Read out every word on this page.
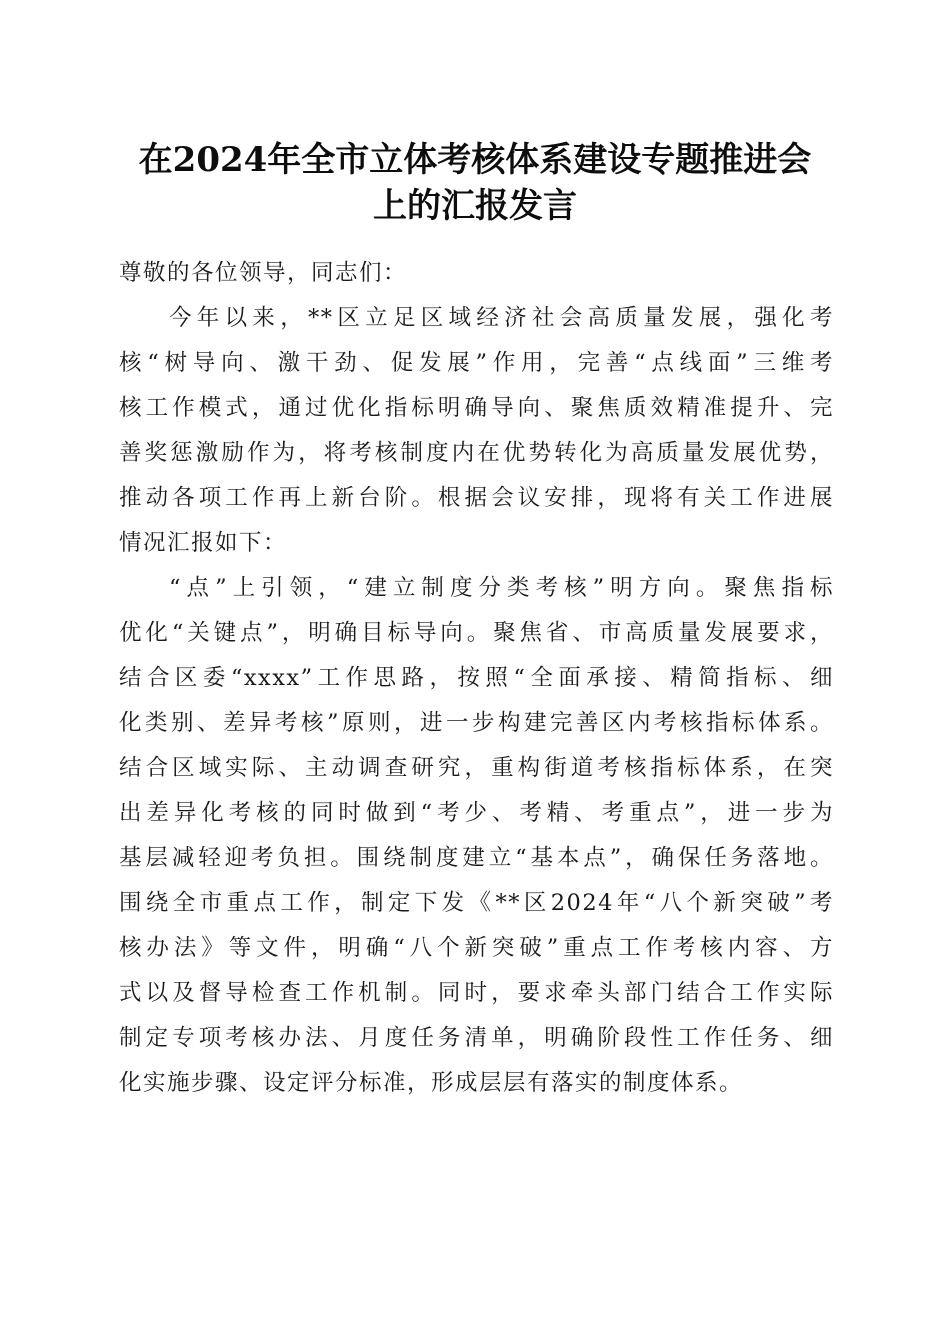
在2024年全市立体考核体系建设专题推进会
上的汇报发言
尊敬的各位领导，同志们：
今年以来，**区立足区域经济社会高质量发展，强化考
核“树导向、激干劲、促发展”作用，完善“点线面”三维考
核工作模式，通过优化指标明确导向、聚焦质效精准提升、完
善奖惩激励作为，将考核制度内在优势转化为高质量发展优势，
推动各项工作再上新台阶。根据会议安排，现将有关工作进展
情况汇报如下：
“点”上引领，“建立制度分类考核”明方向。聚焦指标
优化“关键点”，明确目标导向。聚焦省、市高质量发展要求，
结合区委“xxxx”工作思路，按照“全面承接、精简指标、细
化类别、差异考核”原则，进一步构建完善区内考核指标体系。
结合区域实际、主动调查研究，重构街道考核指标体系，在突
出差异化考核的同时做到“考少、考精、考重点”，进一步为
基层减轻迎考负担。围绕制度建立“基本点”，确保任务落地。
围绕全市重点工作，制定下发《**区2024年“八个新突破”考
核办法》等文件，明确“八个新突破”重点工作考核内容、方
式以及督导检查工作机制。同时，要求牵头部门结合工作实际
制定专项考核办法、月度任务清单，明确阶段性工作任务、细
化实施步骤、设定评分标准，形成层层有落实的制度体系。
